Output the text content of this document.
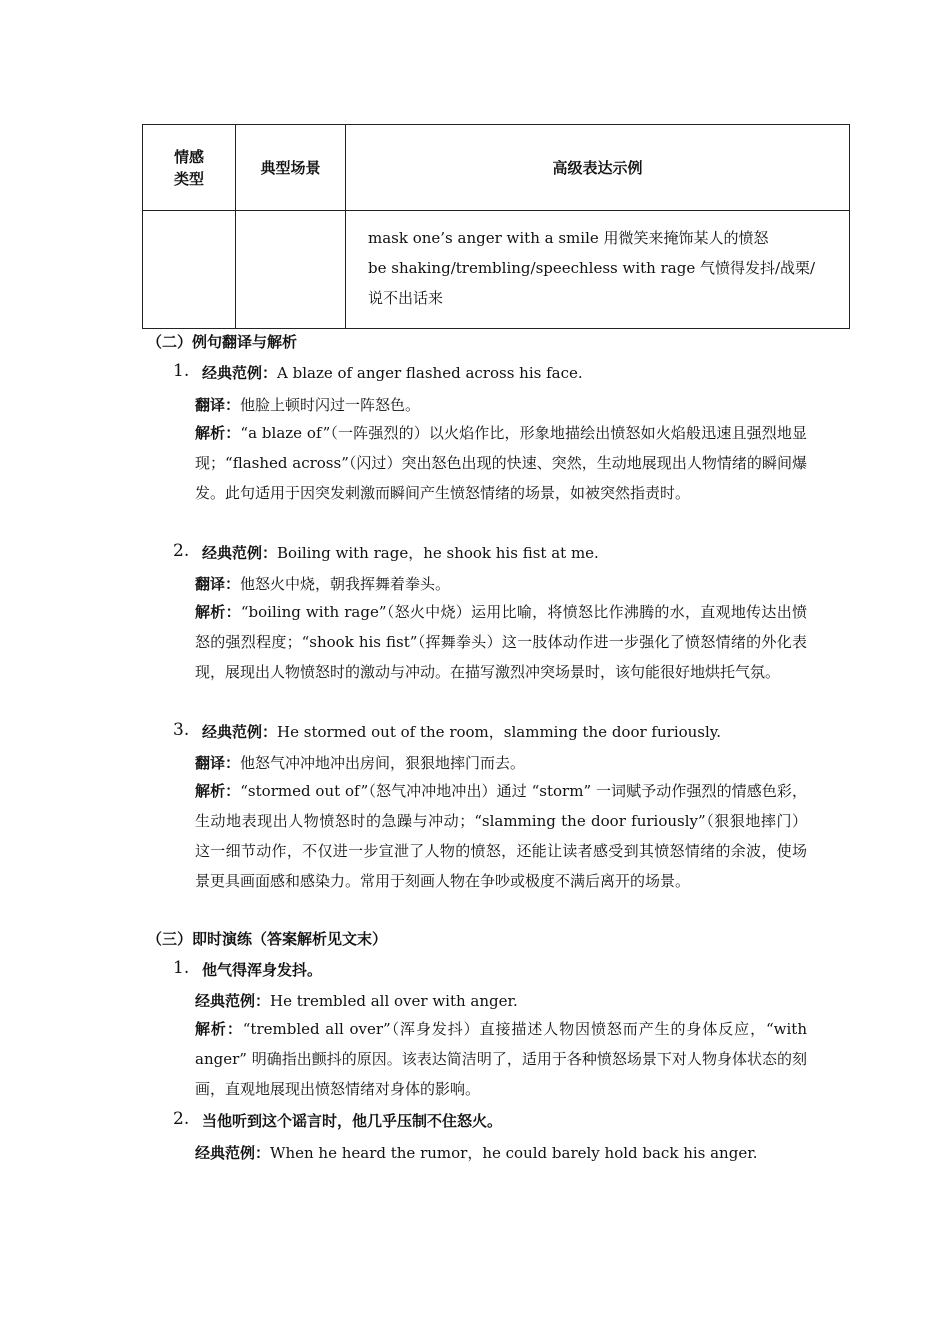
情感
类型	典型场景	高级表达示例

		mask one’s anger with a smile 用微笑来掩饰某人的愤怒
be shaking/trembling/speechless with rage 气愤得发抖/战栗/说不出话来
（二）例句翻译与解析
1. 经典范例：A blaze of anger flashed across his face.
翻译：他脸上顿时闪过一阵怒色。
解析：“a blaze of”（一阵强烈的）以火焰作比，形象地描绘出愤怒如火焰般迅速且强烈地显现；“flashed across”（闪过）突出怒色出现的快速、突然，生动地展现出人物情绪的瞬间爆发。此句适用于因突发刺激而瞬间产生愤怒情绪的场景，如被突然指责时。
2. 经典范例：Boiling with rage，he shook his fist at me.
翻译：他怒火中烧，朝我挥舞着拳头。
解析：“boiling with rage”（怒火中烧）运用比喻，将愤怒比作沸腾的水，直观地传达出愤怒的强烈程度；“shook his fist”（挥舞拳头）这一肢体动作进一步强化了愤怒情绪的外化表现，展现出人物愤怒时的激动与冲动。在描写激烈冲突场景时，该句能很好地烘托气氛。
3. 经典范例：He stormed out of the room，slamming the door furiously.
翻译：他怒气冲冲地冲出房间，狠狠地摔门而去。
解析：“stormed out of”（怒气冲冲地冲出）通过 “storm” 一词赋予动作强烈的情感色彩，生动地表现出人物愤怒时的急躁与冲动；“slamming the door furiously”（狠狠地摔门）这一细节动作，不仅进一步宣泄了人物的愤怒，还能让读者感受到其愤怒情绪的余波，使场景更具画面感和感染力。常用于刻画人物在争吵或极度不满后离开的场景。
（三）即时演练（答案解析见文末）
1. 他气得浑身发抖。
经典范例：He trembled all over with anger.
解析：“trembled all over”（浑身发抖）直接描述人物因愤怒而产生的身体反应，“with anger” 明确指出颤抖的原因。该表达简洁明了，适用于各种愤怒场景下对人物身体状态的刻画，直观地展现出愤怒情绪对身体的影响。
2. 当他听到这个谣言时，他几乎压制不住怒火。
经典范例：When he heard the rumor，he could barely hold back his anger.
